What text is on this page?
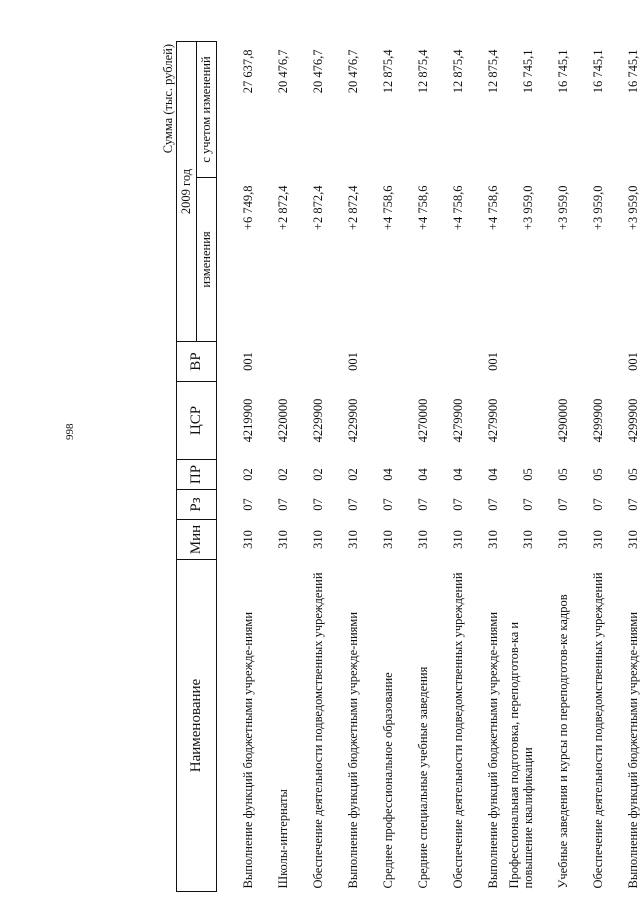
998
Сумма (тыс. рублей)
Наименование	Мин	Рз	ПР	ЦСР	ВР	2009 год	
						изменения	с учетом изменений
Выполнение функций бюджетными учрежде-ниями	310	07	02	4219900	001	+6 749,8	27 637,8
Школы-интернаты	310	07	02	4220000		+2 872,4	20 476,7
Обеспечение деятельности подведомственных учреждений	310	07	02	4229900		+2 872,4	20 476,7
Выполнение функций бюджетными учрежде-ниями	310	07	02	4229900	001	+2 872,4	20 476,7
Среднее профессиональное образование	310	07	04			+4 758,6	12 875,4
Средние специальные учебные заведения	310	07	04	4270000		+4 758,6	12 875,4
Обеспечение деятельности подведомственных учреждений	310	07	04	4279900		+4 758,6	12 875,4
Выполнение функций бюджетными учрежде-ниями	310	07	04	4279900	001	+4 758,6	12 875,4
Профессиональная подготовка, переподготов-ка и повышение квалификации	310	07	05			+3 959,0	16 745,1
Учебные заведения и курсы по переподготов-ке кадров	310	07	05	4290000		+3 959,0	16 745,1
Обеспечение деятельности подведомственных учреждений	310	07	05	4299900		+3 959,0	16 745,1
Выполнение функций бюджетными учрежде-ниями	310	07	05	4299900	001	+3 959,0	16 745,1
